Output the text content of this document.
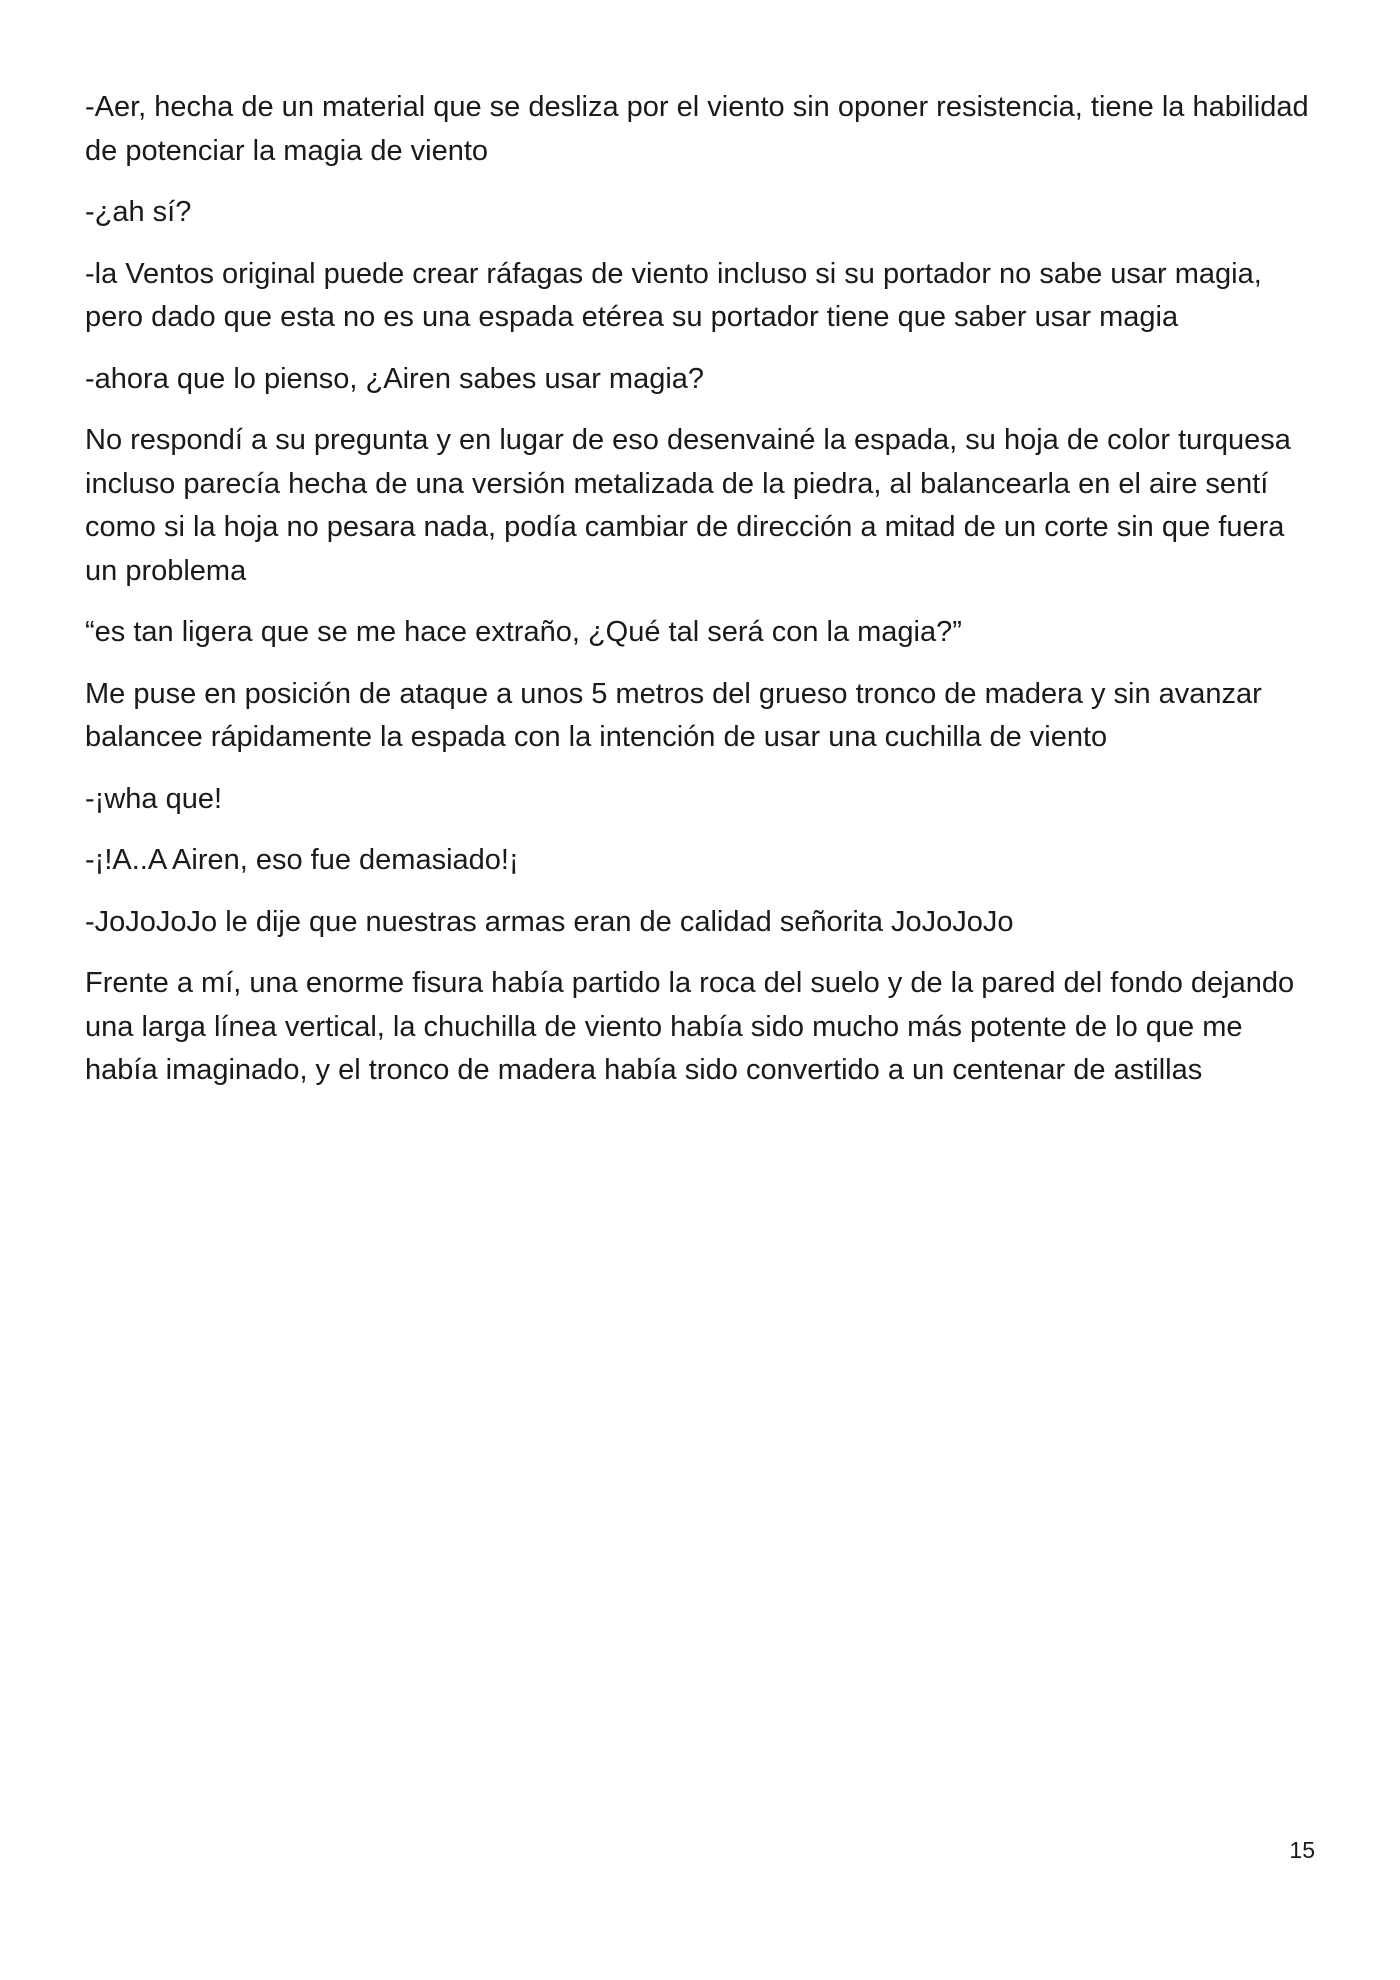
-Aer, hecha de un material que se desliza por el viento sin oponer resistencia, tiene la habilidad de potenciar la magia de viento

-¿ah sí?

-la Ventos original puede crear ráfagas de viento incluso si su portador no sabe usar magia, pero dado que esta no es una espada etérea su portador tiene que saber usar magia

-ahora que lo pienso, ¿Airen sabes usar magia?

No respondí a su pregunta y en lugar de eso desenvainé la espada, su hoja de color turquesa incluso parecía hecha de una versión metalizada de la piedra, al balancearla en el aire sentí como si la hoja no pesara nada, podía cambiar de dirección a mitad de un corte sin que fuera un problema

“es tan ligera que se me hace extraño, ¿Qué tal será con la magia?”

Me puse en posición de ataque a unos 5 metros del grueso tronco de madera y sin avanzar balancee rápidamente la espada con la intención de usar una cuchilla de viento

-¡wha que!

-¡!A..A Airen, eso fue demasiado!¡

-JoJoJoJo le dije que nuestras armas eran de calidad señorita JoJoJoJo

Frente a mí, una enorme fisura había partido la roca del suelo y de la pared del fondo dejando una larga línea vertical, la chuchilla de viento había sido mucho más potente de lo que me había imaginado, y el tronco de madera había sido convertido a un centenar de astillas

15
